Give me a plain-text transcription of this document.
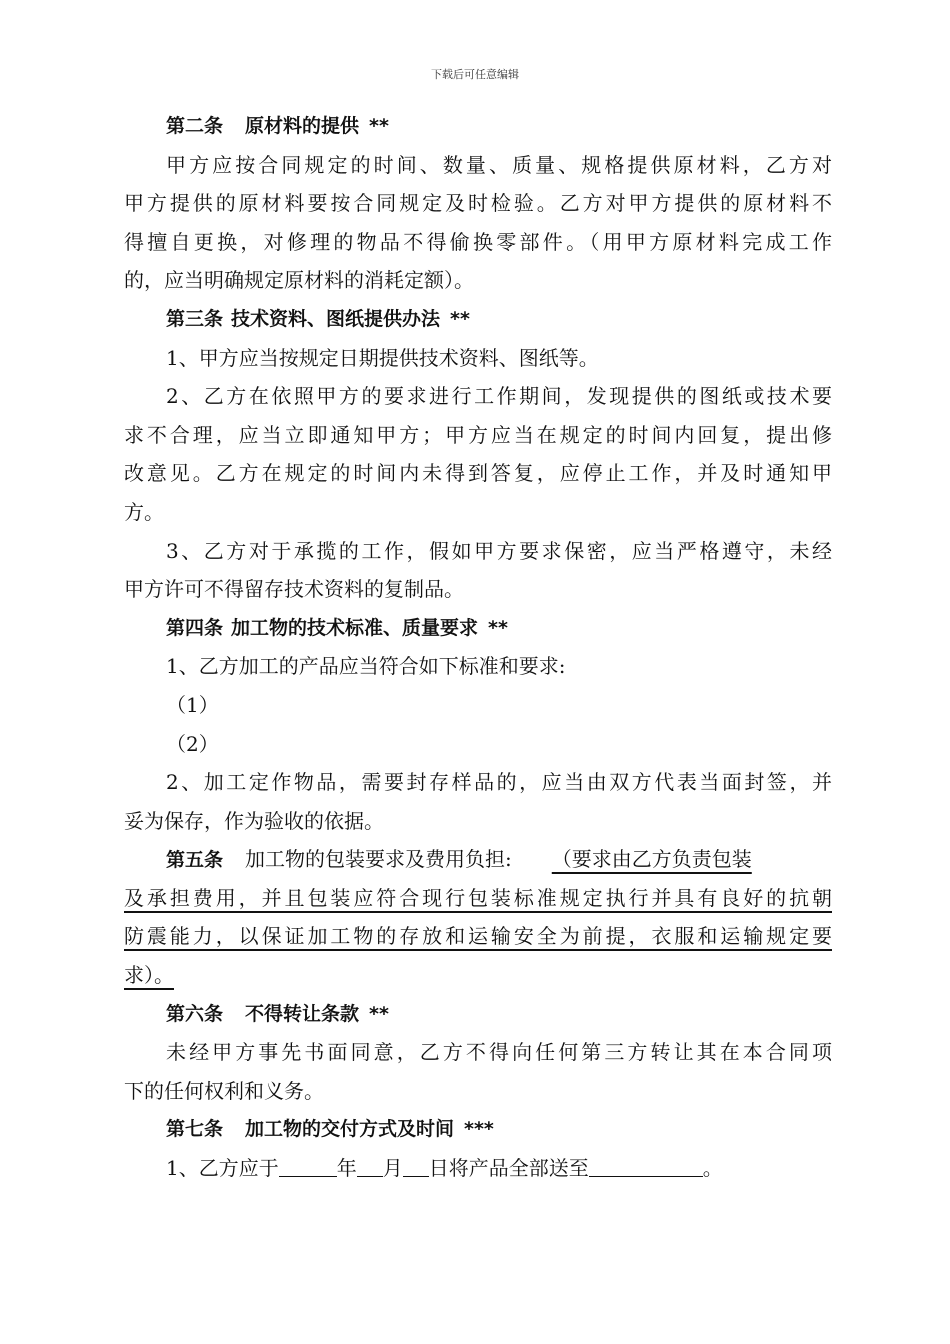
下载后可任意编辑
第二条 原材料的提供 **
甲方应按合同规定的时间、数量、质量、规格提供原材料，乙方对
甲方提供的原材料要按合同规定及时检验。乙方对甲方提供的原材料不
得擅自更换，对修理的物品不得偷换零部件。（用甲方原材料完成工作
的，应当明确规定原材料的消耗定额）。
第三条 技术资料、图纸提供办法 **
1、甲方应当按规定日期提供技术资料、图纸等。
2、乙方在依照甲方的要求进行工作期间，发现提供的图纸或技术要
求不合理，应当立即通知甲方；甲方应当在规定的时间内回复，提出修
改意见。乙方在规定的时间内未得到答复，应停止工作，并及时通知甲
方。
3、乙方对于承揽的工作，假如甲方要求保密，应当严格遵守，未经
甲方许可不得留存技术资料的复制品。
第四条 加工物的技术标准、质量要求 **
1、乙方加工的产品应当符合如下标准和要求:
（1）
（2）
2、加工定作物品，需要封存样品的，应当由双方代表当面封签，并
妥为保存，作为验收的依据。
第五条 加工物的包装要求及费用负担: （要求由乙方负责包装
及承担费用，并且包装应符合现行包装标准规定执行并具有良好的抗朝
防震能力，以保证加工物的存放和运输安全为前提，衣服和运输规定要
求）。
第六条 不得转让条款 **
未经甲方事先书面同意，乙方不得向任何第三方转让其在本合同项
下的任何权利和义务。
第七条 加工物的交付方式及时间 ***
1、乙方应于	年 月 日将产品全部送至	。
